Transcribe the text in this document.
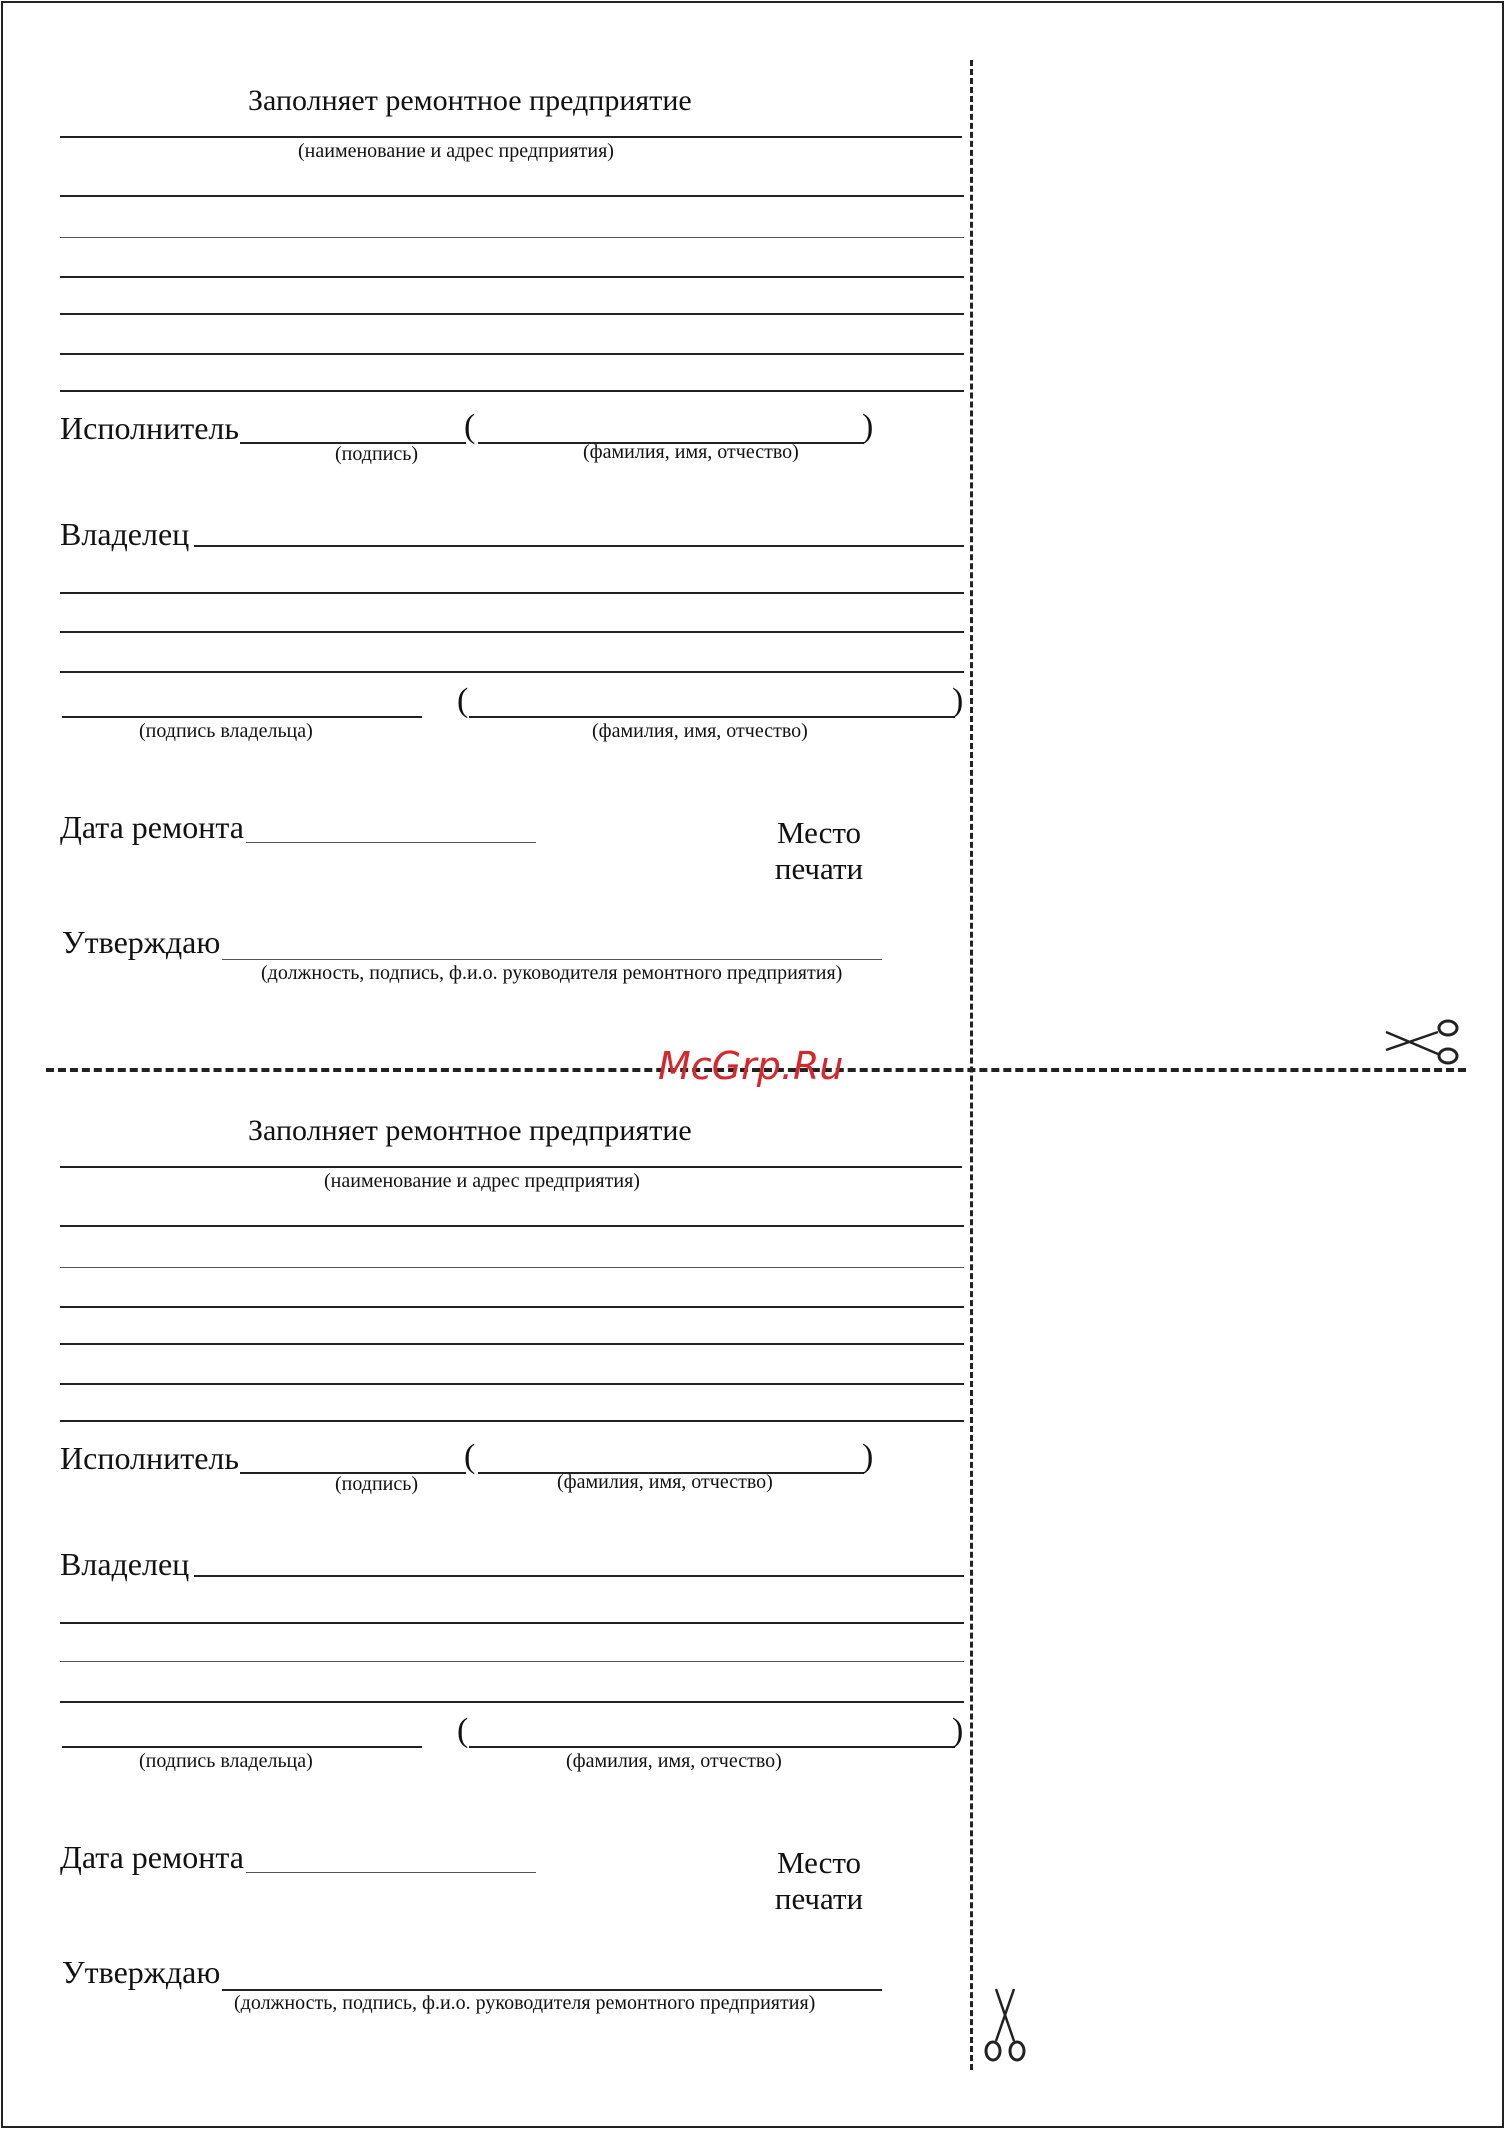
Заполняет ремонтное предприятие
(наименование и адрес предприятия)
Исполнитель	(	)
(подпись)	(фамилия, имя, отчество)
Владелец
(	)
(подпись владельца)	(фамилия, имя, отчество)
Дата ремонта	Место
печати
Утверждаю
(должность, подпись, ф.и.о. руководителя ремонтного предприятия)
Заполняет ремонтное предприятие
(наименование и адрес предприятия)
Исполнитель	(	)
(подпись)	(фамилия, имя, отчество)
Владелец
(	)
(подпись владельца)	(фамилия, имя, отчество)
Дата ремонта	Место
печати
Утверждаю
(должность, подпись, ф.и.о. руководителя ремонтного предприятия)
McGrp.Ru
